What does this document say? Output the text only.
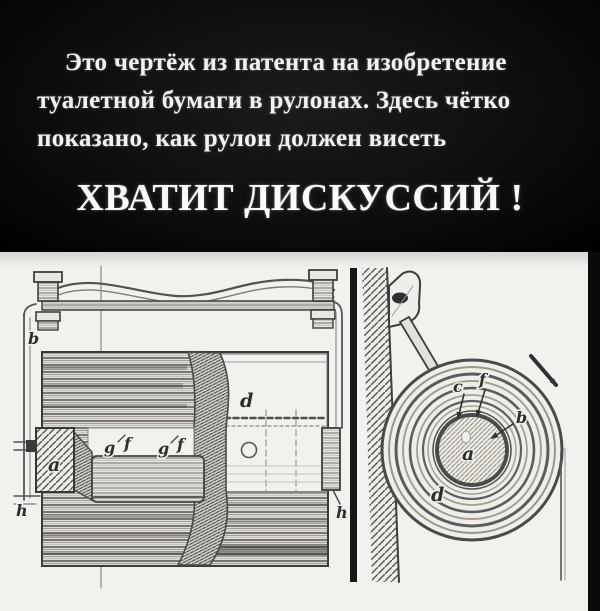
Это чертёж из патента на изобретение
туалетной бумаги в рулонах. Здесь чётко
показано, как рулон должен висеть
ХВАТИТ ДИСКУССИЙ !
b
a
h
g f g f
d
h
c f
b
a
d
